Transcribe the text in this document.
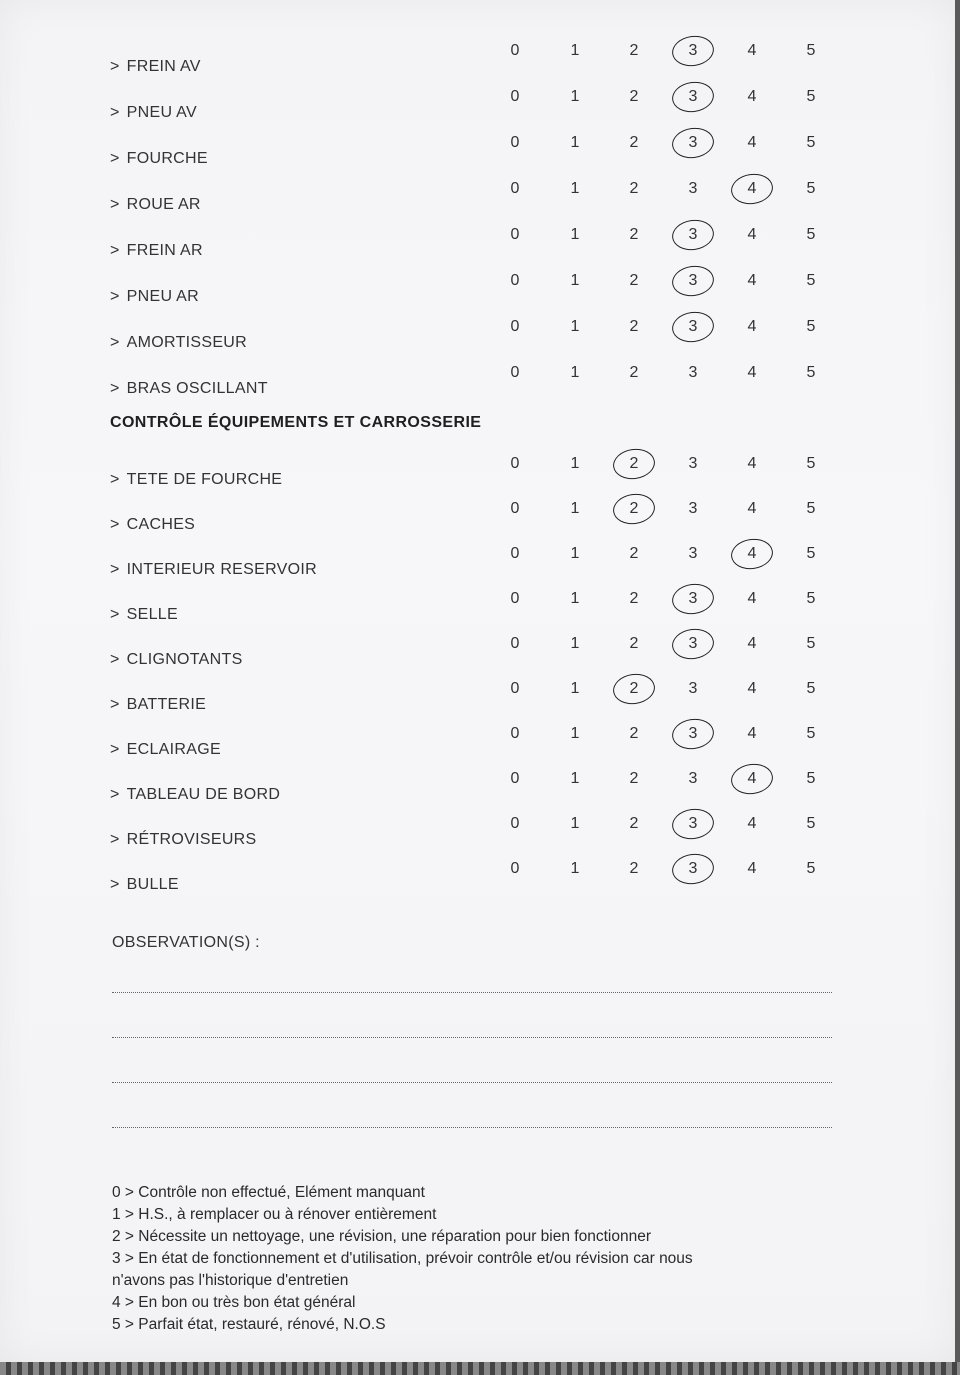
> FREIN AV
0	1	2	3	4	5
> PNEU AV
0	1	2	3	4	5
> FOURCHE
0	1	2	3	4	5
> ROUE AR
0	1	2	3	4	5
> FREIN AR
0	1	2	3	4	5
> PNEU AR
0	1	2	3	4	5
> AMORTISSEUR
0	1	2	3	4	5
> BRAS OSCILLANT
0	1	2	3	4	5
CONTRÔLE ÉQUIPEMENTS ET CARROSSERIE
> TETE DE FOURCHE
0	1	2	3	4	5
> CACHES
0	1	2	3	4	5
> INTERIEUR RESERVOIR
0	1	2	3	4	5
> SELLE
0	1	2	3	4	5
> CLIGNOTANTS
0	1	2	3	4	5
> BATTERIE
0	1	2	3	4	5
> ECLAIRAGE
0	1	2	3	4	5
> TABLEAU DE BORD
0	1	2	3	4	5
> RÉTROVISEURS
0	1	2	3	4	5
> BULLE
0	1	2	3	4	5
OBSERVATION(S) :
0 > Contrôle non effectué, Elément manquant
1 > H.S., à remplacer ou à rénover entièrement
2 > Nécessite un nettoyage, une révision, une réparation pour bien fonctionner
3 > En état de fonctionnement et d'utilisation, prévoir contrôle et/ou révision car nous
n'avons pas l'historique d'entretien
4 > En bon ou très bon état général
5 > Parfait état, restauré, rénové, N.O.S
